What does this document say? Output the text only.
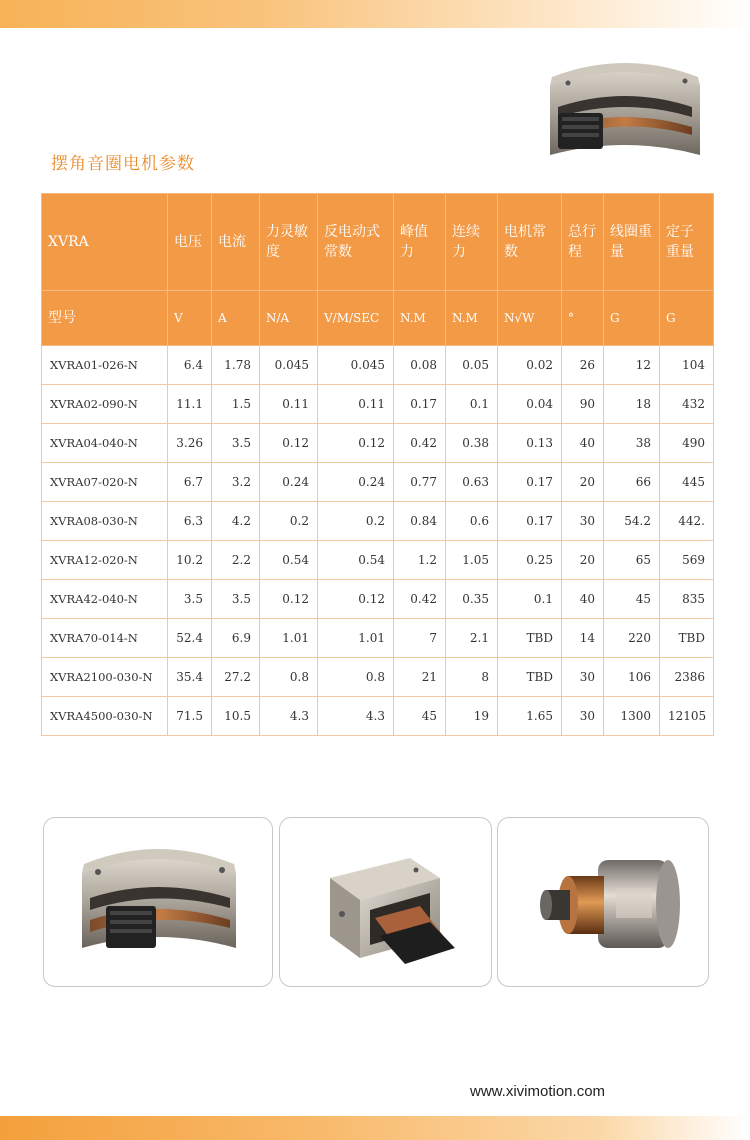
摆角音圈电机参数
XVRA	电压	电流	力灵敏度	反电动式常数	峰值力	连续力	电机常数	总行程	线圈重量	定子重量

型号	V	A	N/A	V/M/SEC	N.M	N.M	N√W	°	G	G
XVRA01-026-N	6.4	1.78	0.045	0.045	0.08	0.05	0.02	26	12	104
XVRA02-090-N	11.1	1.5	0.11	0.11	0.17	0.1	0.04	90	18	432
XVRA04-040-N	3.26	3.5	0.12	0.12	0.42	0.38	0.13	40	38	490
XVRA07-020-N	6.7	3.2	0.24	0.24	0.77	0.63	0.17	20	66	445
XVRA08-030-N	6.3	4.2	0.2	0.2	0.84	0.6	0.17	30	54.2	442.
XVRA12-020-N	10.2	2.2	0.54	0.54	1.2	1.05	0.25	20	65	569
XVRA42-040-N	3.5	3.5	0.12	0.12	0.42	0.35	0.1	40	45	835
XVRA70-014-N	52.4	6.9	1.01	1.01	7	2.1	TBD	14	220	TBD
XVRA2100-030-N	35.4	27.2	0.8	0.8	21	8	TBD	30	106	2386
XVRA4500-030-N	71.5	10.5	4.3	4.3	45	19	1.65	30	1300	12105
www.xivimotion.com
